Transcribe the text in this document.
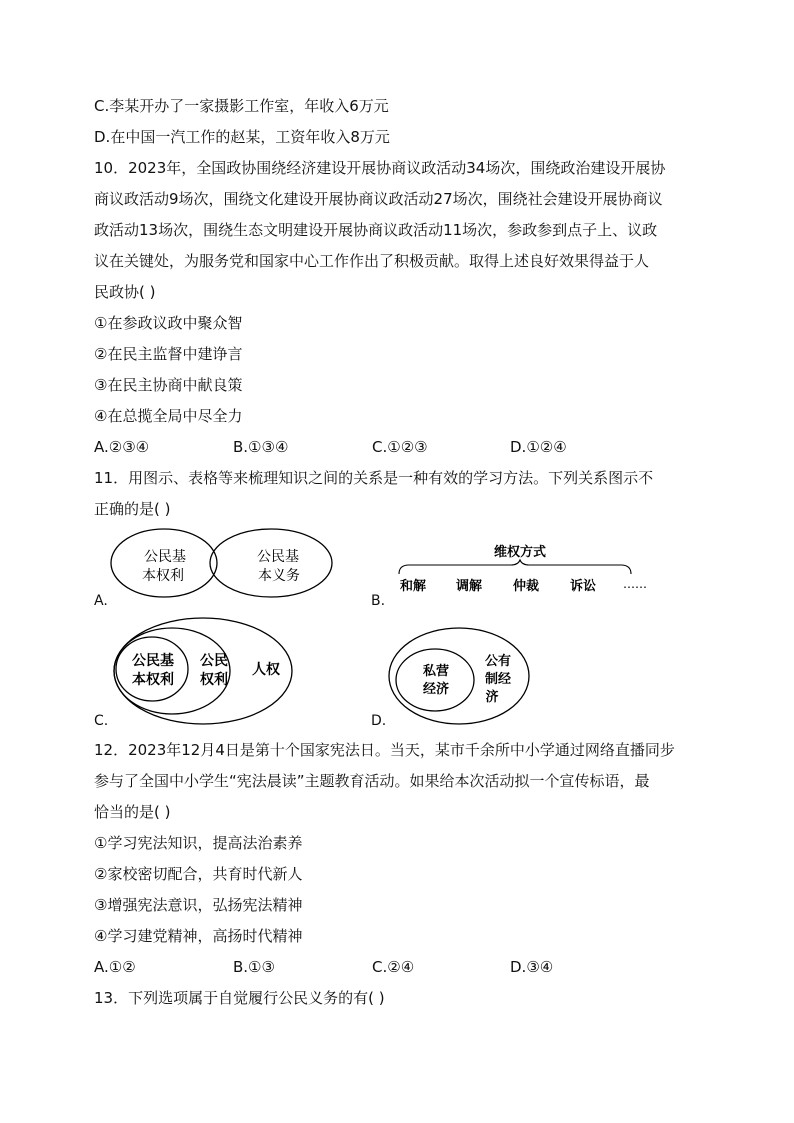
C.李某开办了一家摄影工作室，年收入6万元
D.在中国一汽工作的赵某，工资年收入8万元
10．2023年，全国政协围绕经济建设开展协商议政活动34场次，围绕政治建设开展协
商议政活动9场次，围绕文化建设开展协商议政活动27场次，围绕社会建设开展协商议
政活动13场次，围绕生态文明建设开展协商议政活动11场次，参政参到点子上、议政
议在关键处，为服务党和国家中心工作作出了积极贡献。取得上述良好效果得益于人
民政协( )
①在参政议政中聚众智
②在民主监督中建诤言
③在民主协商中献良策
④在总揽全局中尽全力
A.②③④	B.①③④	C.①②③	D.①②④
11．用图示、表格等来梳理知识之间的关系是一种有效的学习方法。下列关系图示不
正确的是( )
公民基
本权利
公民基
本义务
A.
维权方式
和解 调解 仲裁 诉讼 ……
B.
公民基
本权利
公民
权利
人权
C.
私营
经济
公有
制经
济
D.
12．2023年12月4日是第十个国家宪法日。当天，某市千余所中小学通过网络直播同步
参与了全国中小学生“宪法晨读”主题教育活动。如果给本次活动拟一个宣传标语，最
恰当的是( )
①学习宪法知识，提高法治素养
②家校密切配合，共育时代新人
③增强宪法意识，弘扬宪法精神
④学习建党精神，高扬时代精神
A.①②	B.①③	C.②④	D.③④
13．下列选项属于自觉履行公民义务的有( )
